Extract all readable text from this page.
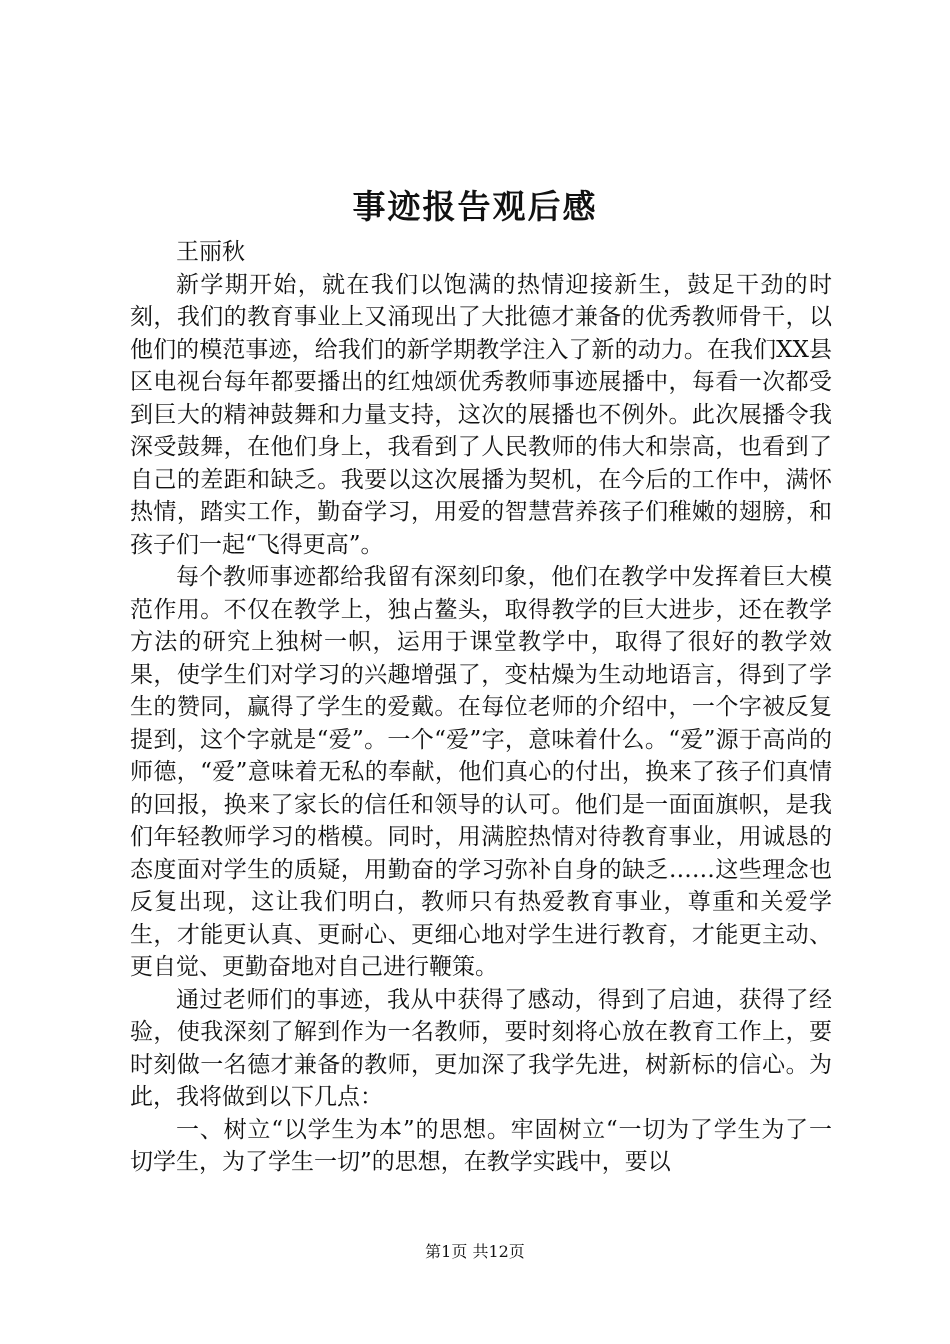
事迹报告观后感

王丽秋

新学期开始，就在我们以饱满的热情迎接新生，鼓足干劲的时刻，我们的教育事业上又涌现出了大批德才兼备的优秀教师骨干，以他们的模范事迹，给我们的新学期教学注入了新的动力。在我们XX县区电视台每年都要播出的红烛颂优秀教师事迹展播中，每看一次都受到巨大的精神鼓舞和力量支持，这次的展播也不例外。此次展播令我深受鼓舞，在他们身上，我看到了人民教师的伟大和崇高，也看到了自己的差距和缺乏。我要以这次展播为契机，在今后的工作中，满怀热情，踏实工作，勤奋学习，用爱的智慧营养孩子们稚嫩的翅膀，和孩子们一起“飞得更高”。

每个教师事迹都给我留有深刻印象，他们在教学中发挥着巨大模范作用。不仅在教学上，独占鳌头，取得教学的巨大进步，还在教学方法的研究上独树一帜，运用于课堂教学中，取得了很好的教学效果，使学生们对学习的兴趣增强了，变枯燥为生动地语言，得到了学生的赞同，赢得了学生的爱戴。在每位老师的介绍中，一个字被反复提到，这个字就是“爱”。一个“爱”字，意味着什么。“爱”源于高尚的师德，“爱”意味着无私的奉献，他们真心的付出，换来了孩子们真情的回报，换来了家长的信任和领导的认可。他们是一面面旗帜，是我们年轻教师学习的楷模。同时，用满腔热情对待教育事业，用诚恳的态度面对学生的质疑，用勤奋的学习弥补自身的缺乏……这些理念也反复出现，这让我们明白，教师只有热爱教育事业，尊重和关爱学生，才能更认真、更耐心、更细心地对学生进行教育，才能更主动、更自觉、更勤奋地对自己进行鞭策。

通过老师们的事迹，我从中获得了感动，得到了启迪，获得了经验，使我深刻了解到作为一名教师，要时刻将心放在教育工作上，要时刻做一名德才兼备的教师，更加深了我学先进，树新标的信心。为此，我将做到以下几点：

一、树立“以学生为本”的思想。牢固树立“一切为了学生为了一切学生，为了学生一切”的思想，在教学实践中，要以

第1页 共12页
